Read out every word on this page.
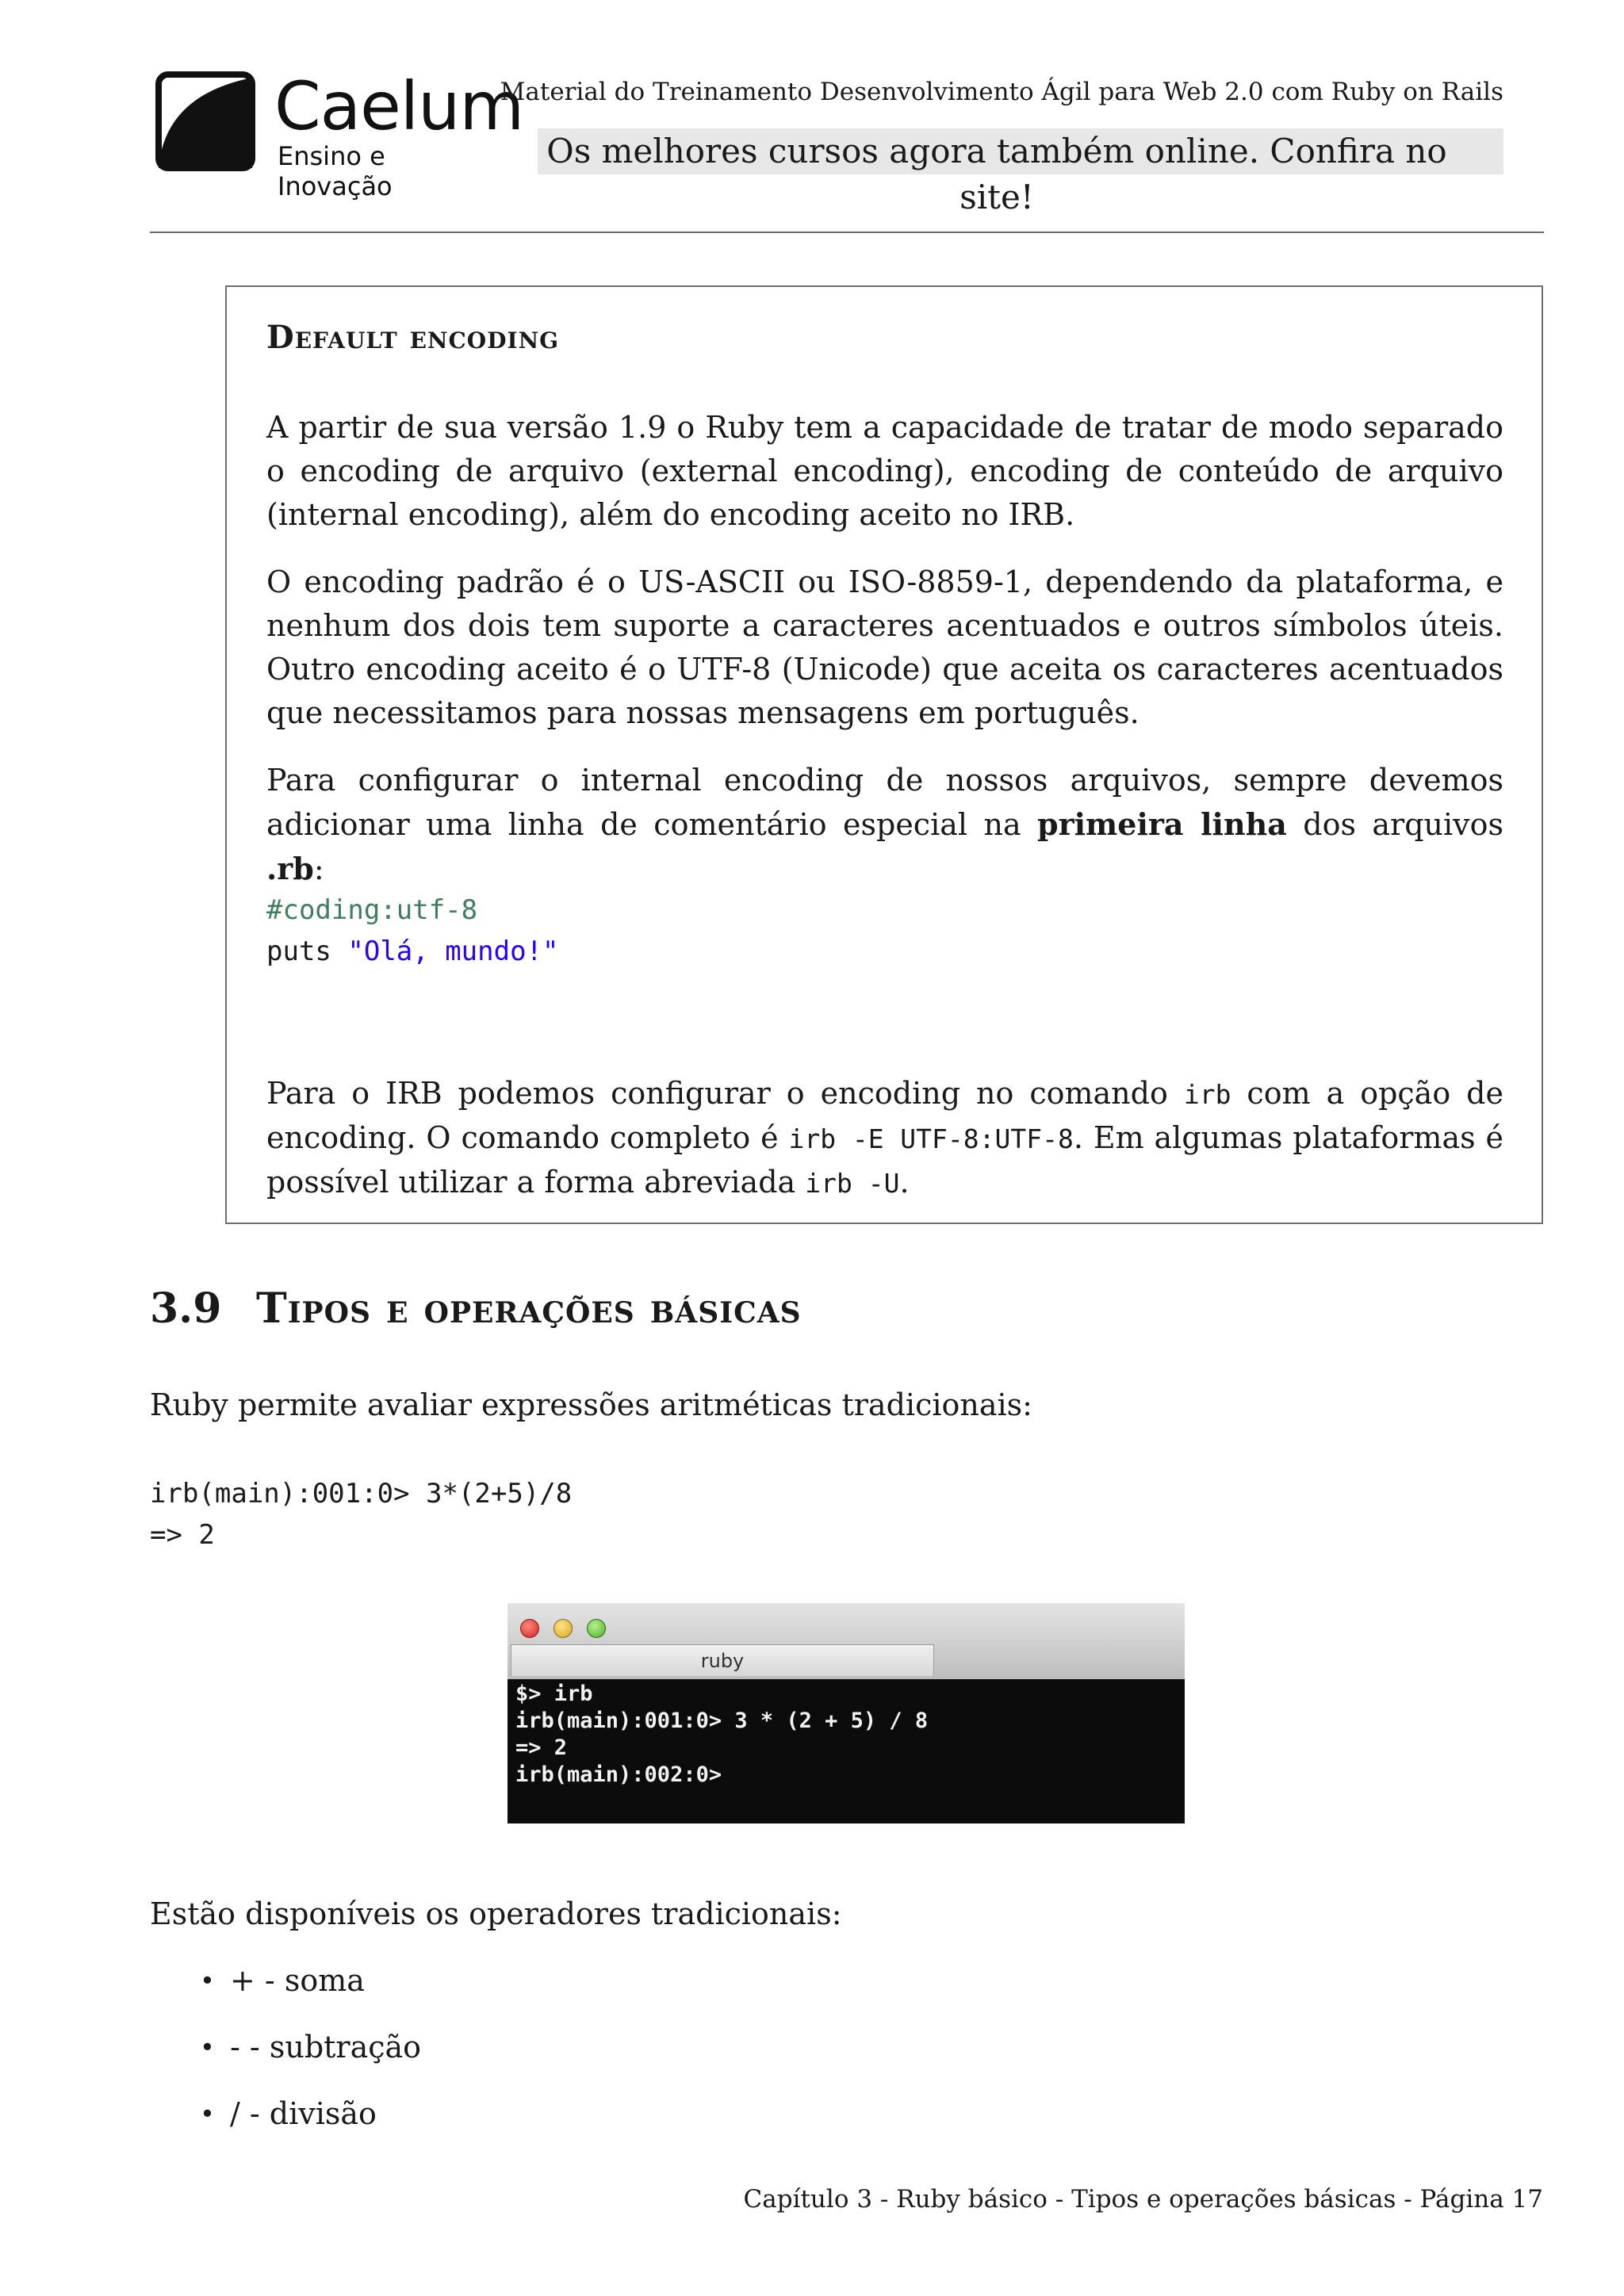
* Caelum
Ensino e Inovação
Material do Treinamento Desenvolvimento Ágil para Web 2.0 com Ruby on Rails
Os melhores cursos agora também online. Confira no site!
Default encoding
A partir de sua versão 1.9 o Ruby tem a capacidade de tratar de modo separado o encoding de arquivo (external encoding), encoding de conteúdo de arquivo (internal encoding), além do encoding aceito no IRB.
O encoding padrão é o US-ASCII ou ISO-8859-1, dependendo da plataforma, e nenhum dos dois tem suporte a caracteres acentuados e outros símbolos úteis. Outro encoding aceito é o UTF-8 (Unicode) que aceita os caracteres acentuados que necessitamos para nossas mensagens em português.
Para configurar o internal encoding de nossos arquivos, sempre devemos adicionar uma linha de comentário especial na primeira linha dos arquivos .rb:
#coding:utf-8
puts "Olá, mundo!"
Para o IRB podemos configurar o encoding no comando irb com a opção de encoding. O comando completo é irb -E UTF-8:UTF-8. Em algumas plataformas é possível utilizar a forma abreviada irb -U.
3.9 Tipos e operações básicas
Ruby permite avaliar expressões aritméticas tradicionais:
irb(main):001:0> 3*(2+5)/8
=> 2
ruby
$> irb
irb(main):001:0> 3 * (2 + 5) / 8
=> 2
irb(main):002:0>
Estão disponíveis os operadores tradicionais:
• + - soma
• - - subtração
• / - divisão
Capítulo 3 - Ruby básico - Tipos e operações básicas - Página 17
